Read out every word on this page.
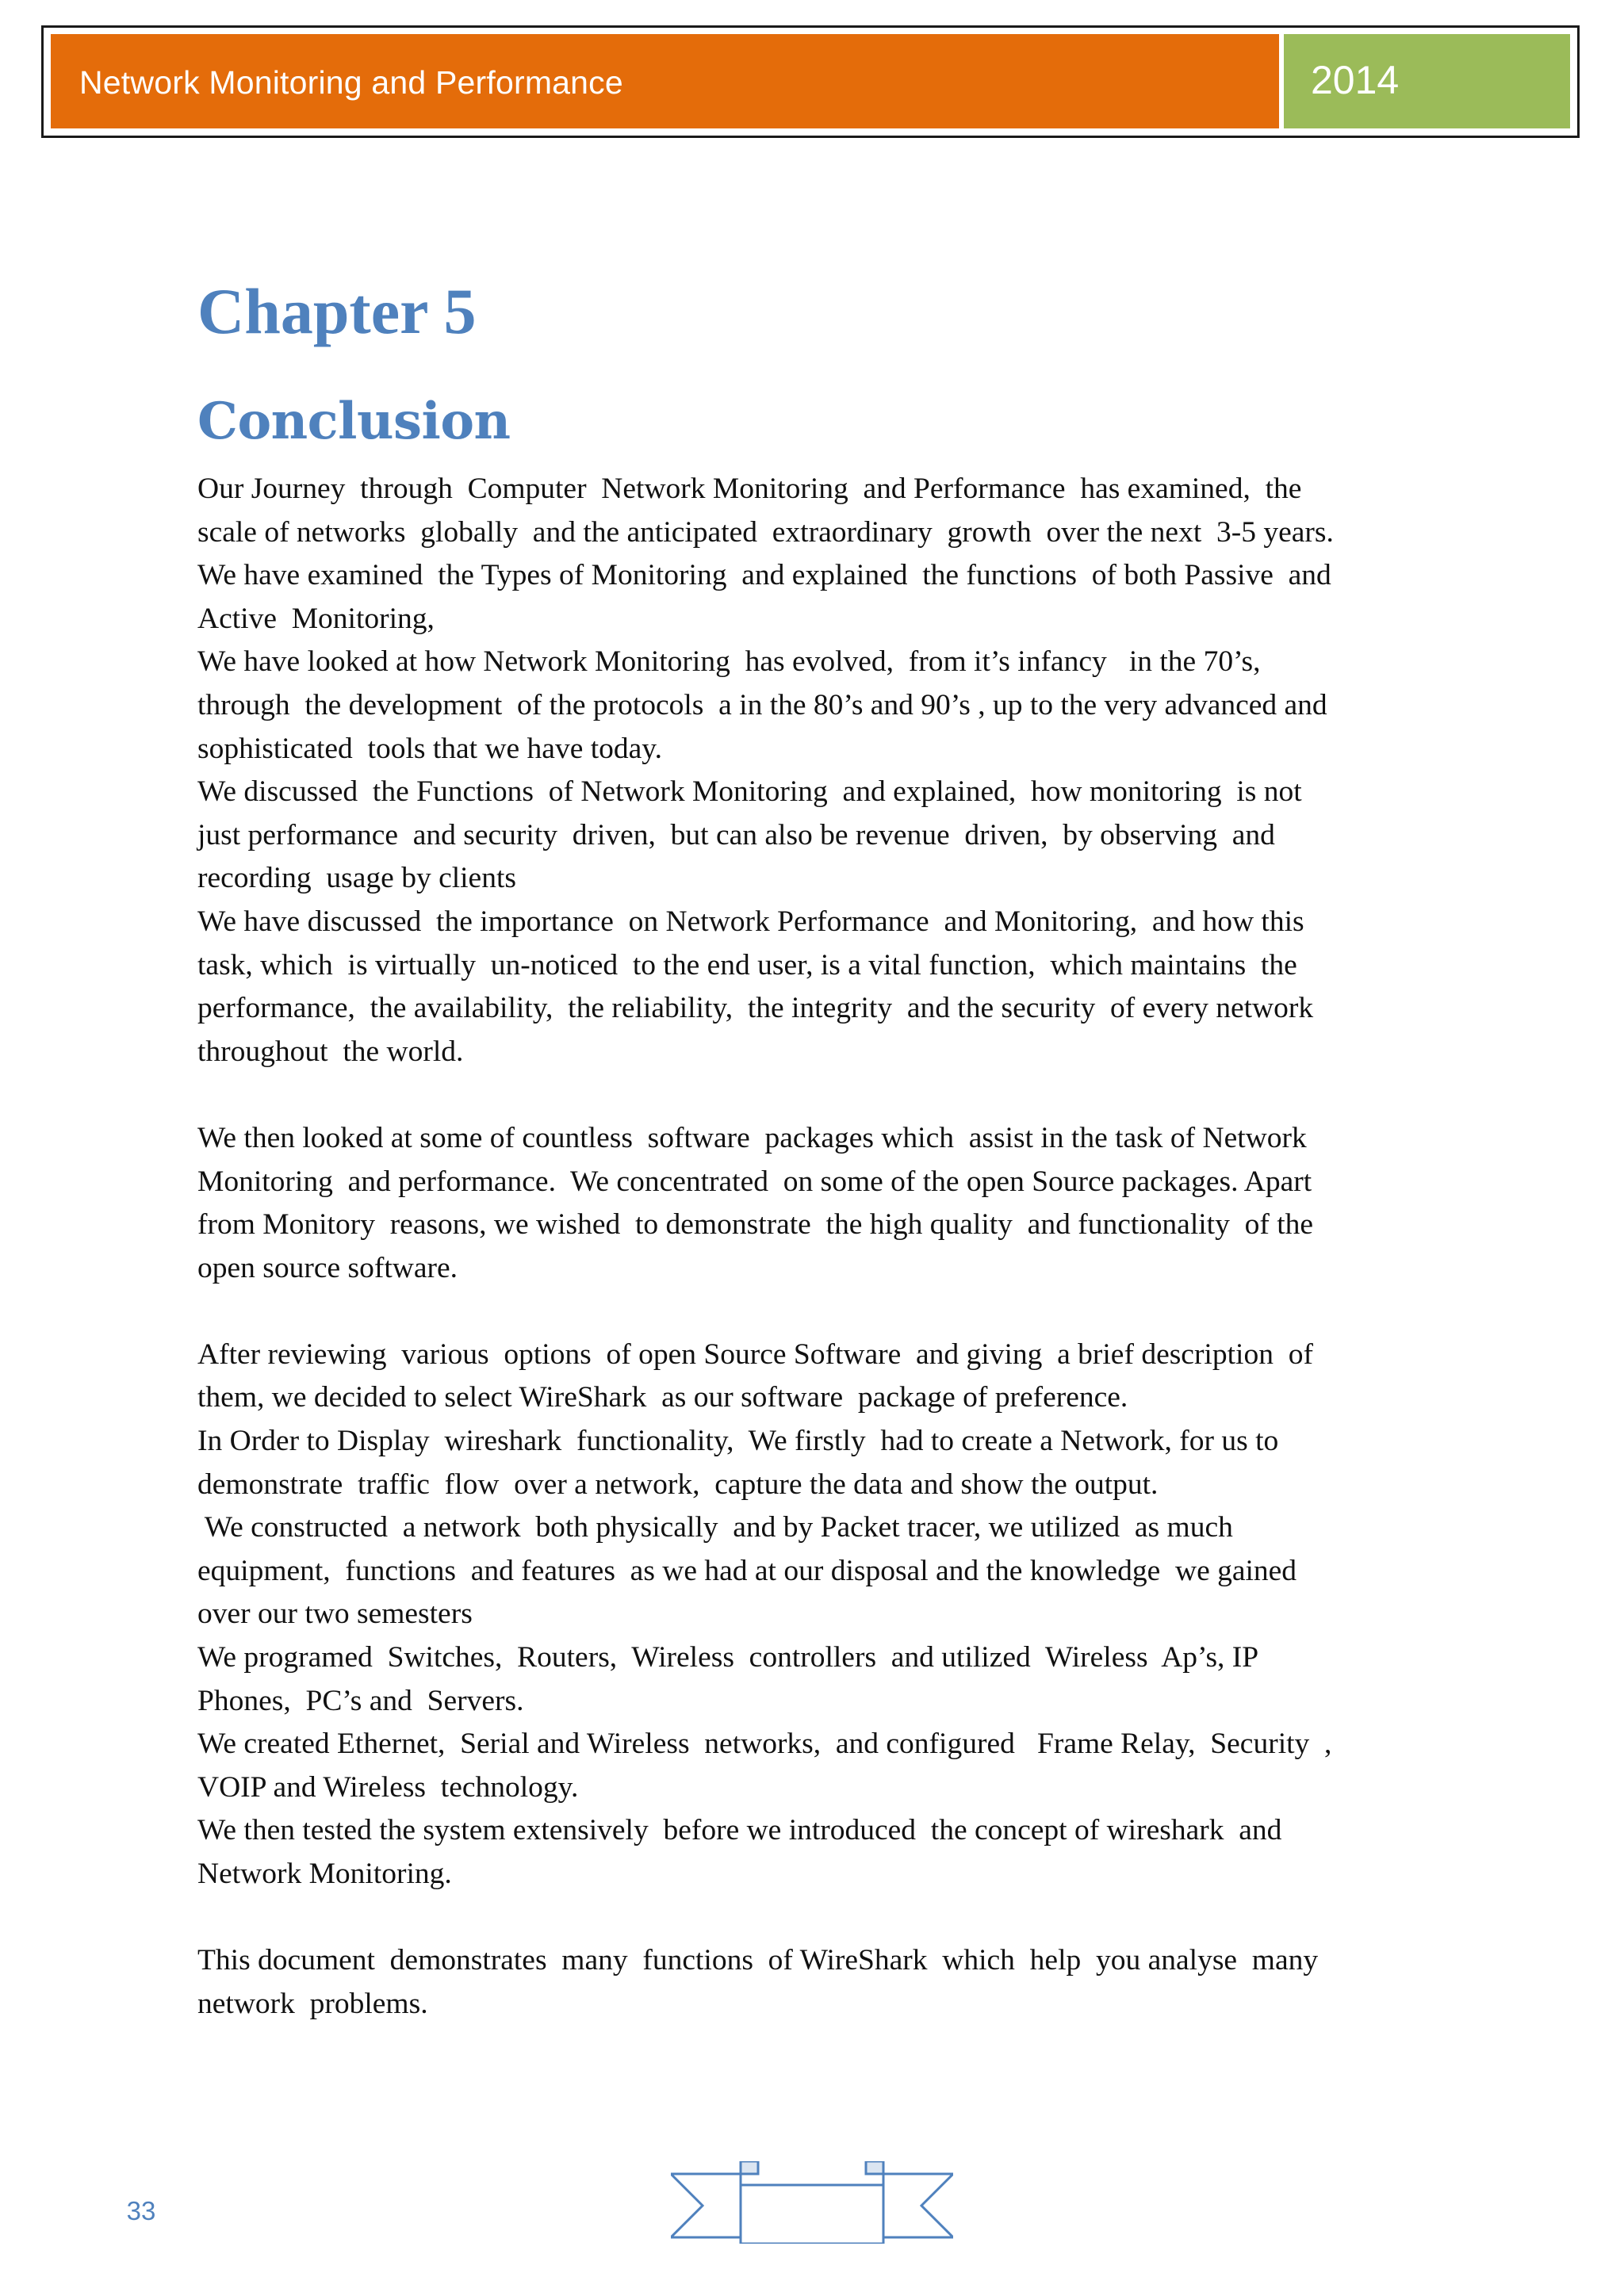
Network Monitoring and Performance	2014
Chapter 5
Conclusion
Our Journey  through  Computer  Network Monitoring  and Performance  has examined,  the
scale of networks  globally  and the anticipated  extraordinary  growth  over the next  3-5 years.
We have examined  the Types of Monitoring  and explained  the functions  of both Passive  and
Active  Monitoring,
We have looked at how Network Monitoring  has evolved,  from it’s infancy   in the 70’s,
through  the development  of the protocols  a in the 80’s and 90’s , up to the very advanced and
sophisticated  tools that we have today.
We discussed  the Functions  of Network Monitoring  and explained,  how monitoring  is not
just performance  and security  driven,  but can also be revenue  driven,  by observing  and
recording  usage by clients
We have discussed  the importance  on Network Performance  and Monitoring,  and how this
task, which  is virtually  un-noticed  to the end user, is a vital function,  which maintains  the
performance,  the availability,  the reliability,  the integrity  and the security  of every network
throughout  the world.
We then looked at some of countless  software  packages which  assist in the task of Network
Monitoring  and performance.  We concentrated  on some of the open Source packages. Apart
from Monitory  reasons, we wished  to demonstrate  the high quality  and functionality  of the
open source software.
After reviewing  various  options  of open Source Software  and giving  a brief description  of
them, we decided to select WireShark  as our software  package of preference.
In Order to Display  wireshark  functionality,  We firstly  had to create a Network, for us to
demonstrate  traffic  flow  over a network,  capture the data and show the output.
We constructed  a network  both physically  and by Packet tracer, we utilized  as much
equipment,  functions  and features  as we had at our disposal and the knowledge  we gained
over our two semesters
We programed  Switches,  Routers,  Wireless  controllers  and utilized  Wireless  Ap’s, IP
Phones,  PC’s and  Servers.
We created Ethernet,  Serial and Wireless  networks,  and configured   Frame Relay,  Security  ,
VOIP and Wireless  technology.
We then tested the system extensively  before we introduced  the concept of wireshark  and
Network Monitoring.
This document  demonstrates  many  functions  of WireShark  which  help  you analyse  many
network  problems.
33
